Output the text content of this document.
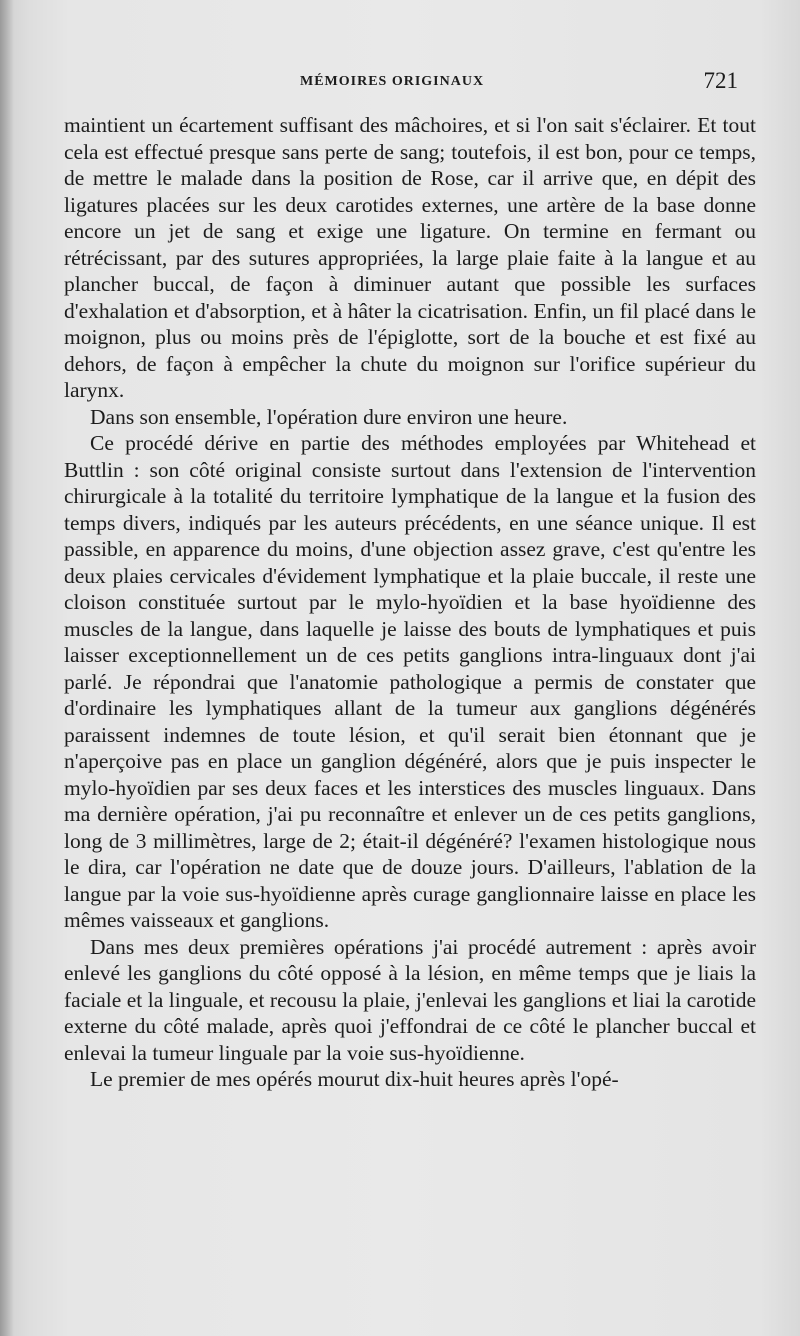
MÉMOIRES ORIGINAUX	721

maintient un écartement suffisant des mâchoires, et si l'on sait s'éclairer. Et tout cela est effectué presque sans perte de sang; toutefois, il est bon, pour ce temps, de mettre le malade dans la position de Rose, car il arrive que, en dépit des ligatures placées sur les deux carotides externes, une artère de la base donne encore un jet de sang et exige une ligature. On termine en fermant ou rétrécissant, par des sutures appropriées, la large plaie faite à la langue et au plancher buccal, de façon à diminuer autant que possible les surfaces d'exhalation et d'absorption, et à hâter la cicatrisation. Enfin, un fil placé dans le moignon, plus ou moins près de l'épiglotte, sort de la bouche et est fixé au dehors, de façon à empêcher la chute du moignon sur l'orifice supérieur du larynx.

Dans son ensemble, l'opération dure environ une heure.

Ce procédé dérive en partie des méthodes employées par Whitehead et Buttlin : son côté original consiste surtout dans l'extension de l'intervention chirurgicale à la totalité du territoire lymphatique de la langue et la fusion des temps divers, indiqués par les auteurs précédents, en une séance unique. Il est passible, en apparence du moins, d'une objection assez grave, c'est qu'entre les deux plaies cervicales d'évidement lymphatique et la plaie buccale, il reste une cloison constituée surtout par le mylo-hyoïdien et la base hyoïdienne des muscles de la langue, dans laquelle je laisse des bouts de lymphatiques et puis laisser exceptionnellement un de ces petits ganglions intra-linguaux dont j'ai parlé. Je répondrai que l'anatomie pathologique a permis de constater que d'ordinaire les lymphatiques allant de la tumeur aux ganglions dégénérés paraissent indemnes de toute lésion, et qu'il serait bien étonnant que je n'aperçoive pas en place un ganglion dégénéré, alors que je puis inspecter le mylo-hyoïdien par ses deux faces et les interstices des muscles linguaux. Dans ma dernière opération, j'ai pu reconnaître et enlever un de ces petits ganglions, long de 3 millimètres, large de 2; était-il dégénéré? l'examen histologique nous le dira, car l'opération ne date que de douze jours. D'ailleurs, l'ablation de la langue par la voie sus-hyoïdienne après curage ganglionnaire laisse en place les mêmes vaisseaux et ganglions.

Dans mes deux premières opérations j'ai procédé autrement : après avoir enlevé les ganglions du côté opposé à la lésion, en même temps que je liais la faciale et la linguale, et recousu la plaie, j'enlevai les ganglions et liai la carotide externe du côté malade, après quoi j'effondrai de ce côté le plancher buccal et enlevai la tumeur linguale par la voie sus-hyoïdienne.

Le premier de mes opérés mourut dix-huit heures après l'opé-
